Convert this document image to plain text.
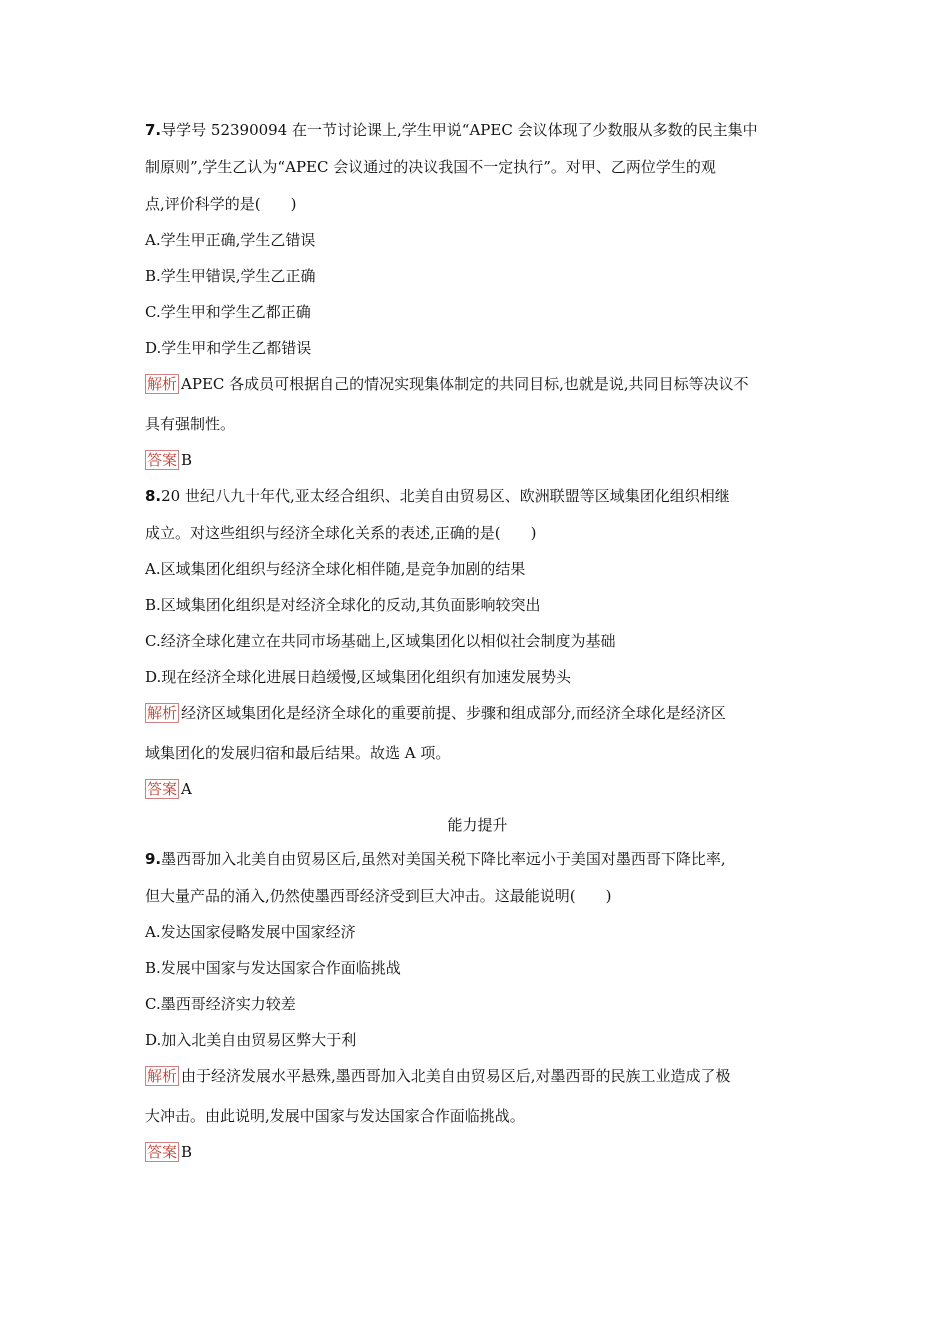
7.导学号 52390094 在一节讨论课上,学生甲说“APEC 会议体现了少数服从多数的民主集中
制原则”,学生乙认为“APEC 会议通过的决议我国不一定执行”。对甲、乙两位学生的观
点,评价科学的是(　　)
A.学生甲正确,学生乙错误
B.学生甲错误,学生乙正确
C.学生甲和学生乙都正确
D.学生甲和学生乙都错误
解析 APEC 各成员可根据自己的情况实现集体制定的共同目标,也就是说,共同目标等决议不
具有强制性。
答案 B
8.20 世纪八九十年代,亚太经合组织、北美自由贸易区、欧洲联盟等区域集团化组织相继
成立。对这些组织与经济全球化关系的表述,正确的是(　　)
A.区域集团化组织与经济全球化相伴随,是竞争加剧的结果
B.区域集团化组织是对经济全球化的反动,其负面影响较突出
C.经济全球化建立在共同市场基础上,区域集团化以相似社会制度为基础
D.现在经济全球化进展日趋缓慢,区域集团化组织有加速发展势头
解析 经济区域集团化是经济全球化的重要前提、步骤和组成部分,而经济全球化是经济区
域集团化的发展归宿和最后结果。故选 A 项。
答案 A
能力提升
9.墨西哥加入北美自由贸易区后,虽然对美国关税下降比率远小于美国对墨西哥下降比率,
但大量产品的涌入,仍然使墨西哥经济受到巨大冲击。这最能说明(　　)
A.发达国家侵略发展中国家经济
B.发展中国家与发达国家合作面临挑战
C.墨西哥经济实力较差
D.加入北美自由贸易区弊大于利
解析 由于经济发展水平悬殊,墨西哥加入北美自由贸易区后,对墨西哥的民族工业造成了极
大冲击。由此说明,发展中国家与发达国家合作面临挑战。
答案 B
